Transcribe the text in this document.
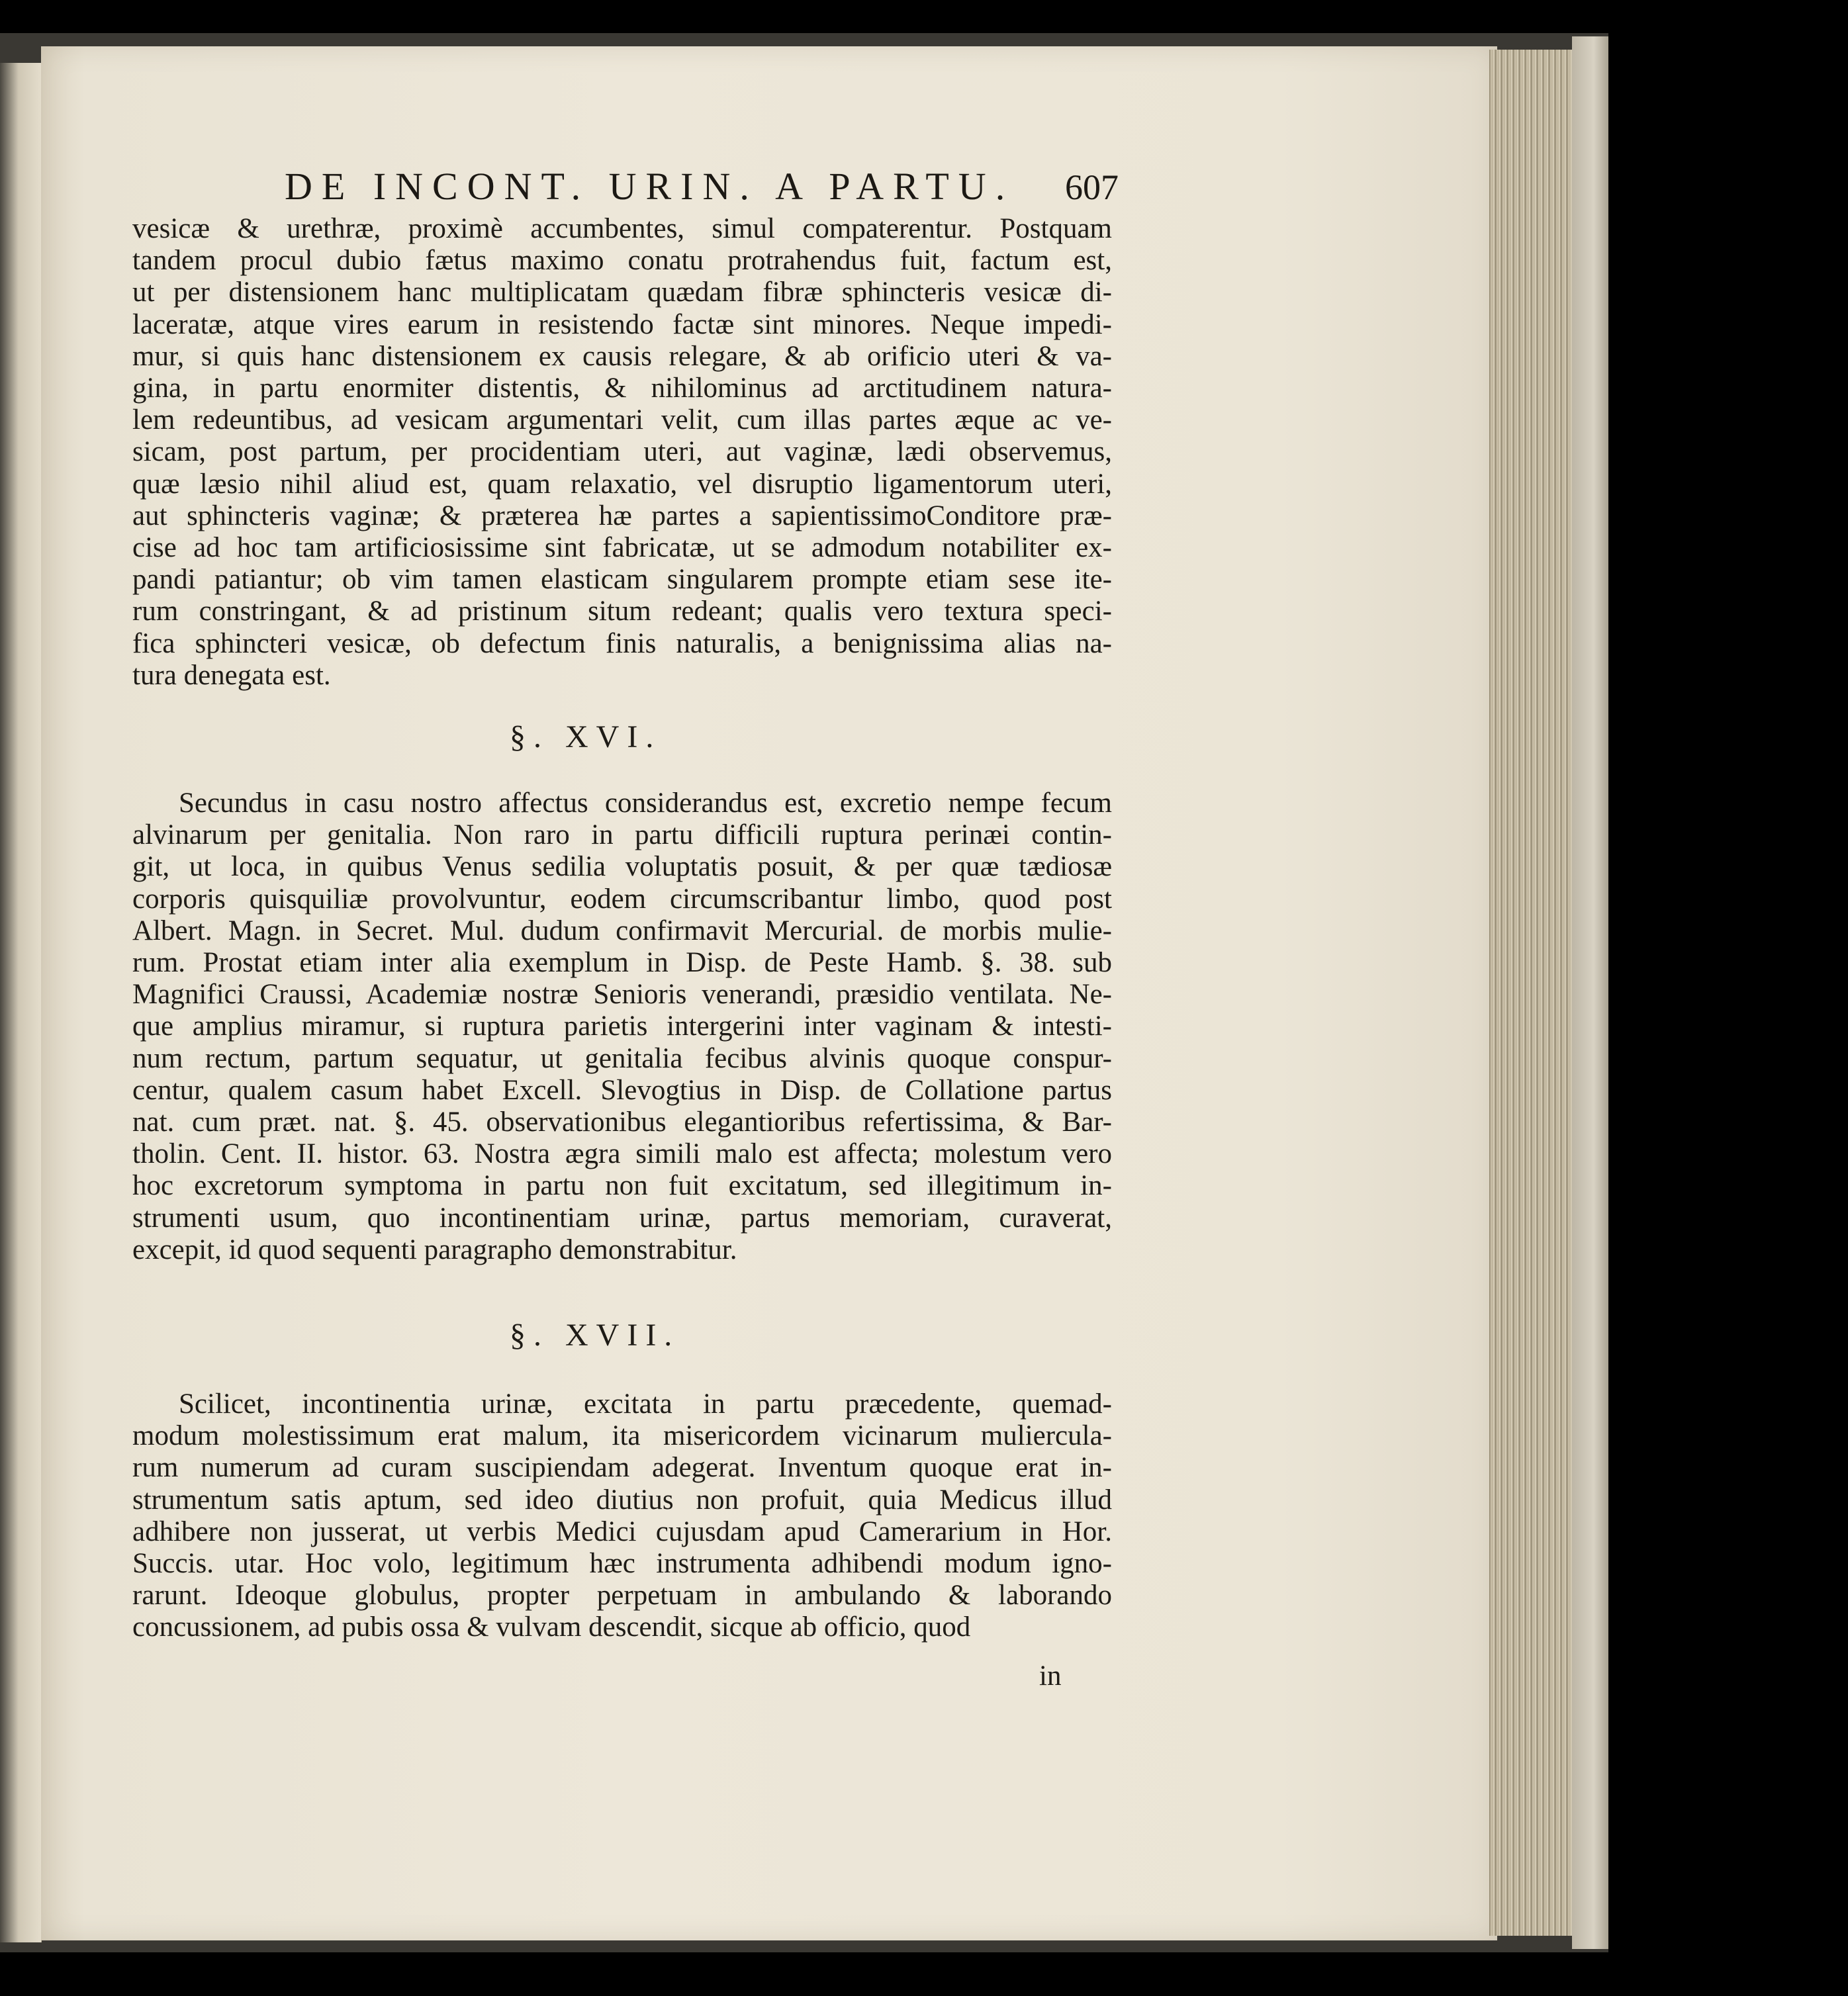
DE INCONT. URIN. A PARTU. 607

vesicæ & urethræ, proximè accumbentes, simul compaterentur. Postquam
tandem procul dubio fætus maximo conatu protrahendus fuit, factum est,
ut per distensionem hanc multiplicatam quædam fibræ sphincteris vesicæ di-
laceratæ, atque vires earum in resistendo factæ sint minores. Neque impedi-
mur, si quis hanc distensionem ex causis relegare, & ab orificio uteri & va-
gina, in partu enormiter distentis, & nihilominus ad arctitudinem natura-
lem redeuntibus, ad vesicam argumentari velit, cum illas partes æque ac ve-
sicam, post partum, per procidentiam uteri, aut vaginæ, lædi observemus,
quæ læsio nihil aliud est, quam relaxatio, vel disruptio ligamentorum uteri,
aut sphincteris vaginæ; & præterea hæ partes a sapientissimoConditore præ-
cise ad hoc tam artificiosissime sint fabricatæ, ut se admodum notabiliter ex-
pandi patiantur; ob vim tamen elasticam singularem prompte etiam sese ite-
rum constringant, & ad pristinum situm redeant; qualis vero textura speci-
fica sphincteri vesicæ, ob defectum finis naturalis, a benignissima alias na-
tura denegata est.

§. XVI.

Secundus in casu nostro affectus considerandus est, excretio nempe fecum
alvinarum per genitalia. Non raro in partu difficili ruptura perinæi contin-
git, ut loca, in quibus Venus sedilia voluptatis posuit, & per quæ tædiosæ
corporis quisquiliæ provolvuntur, eodem circumscribantur limbo, quod post
Albert. Magn. in Secret. Mul. dudum confirmavit Mercurial. de morbis mulie-
rum. Prostat etiam inter alia exemplum in Disp. de Peste Hamb. §. 38. sub
Magnifici Craussi, Academiæ nostræ Senioris venerandi, præsidio ventilata. Ne-
que amplius miramur, si ruptura parietis intergerini inter vaginam & intesti-
num rectum, partum sequatur, ut genitalia fecibus alvinis quoque conspur-
centur, qualem casum habet Excell. Slevogtius in Disp. de Collatione partus
nat. cum præt. nat. §. 45. observationibus elegantioribus refertissima, & Bar-
tholin. Cent. II. histor. 63. Nostra ægra simili malo est affecta; molestum vero
hoc excretorum symptoma in partu non fuit excitatum, sed illegitimum in-
strumenti usum, quo incontinentiam urinæ, partus memoriam, curaverat,
excepit, id quod sequenti paragrapho demonstrabitur.

§. XVII.

Scilicet, incontinentia urinæ, excitata in partu præcedente, quemad-
modum molestissimum erat malum, ita misericordem vicinarum muliercula-
rum numerum ad curam suscipiendam adegerat. Inventum quoque erat in-
strumentum satis aptum, sed ideo diutius non profuit, quia Medicus illud
adhibere non jusserat, ut verbis Medici cujusdam apud Camerarium in Hor.
Succis. utar. Hoc volo, legitimum hæc instrumenta adhibendi modum igno-
rarunt. Ideoque globulus, propter perpetuam in ambulando & laborando
concussionem, ad pubis ossa & vulvam descendit, sicque ab officio, quod

in
